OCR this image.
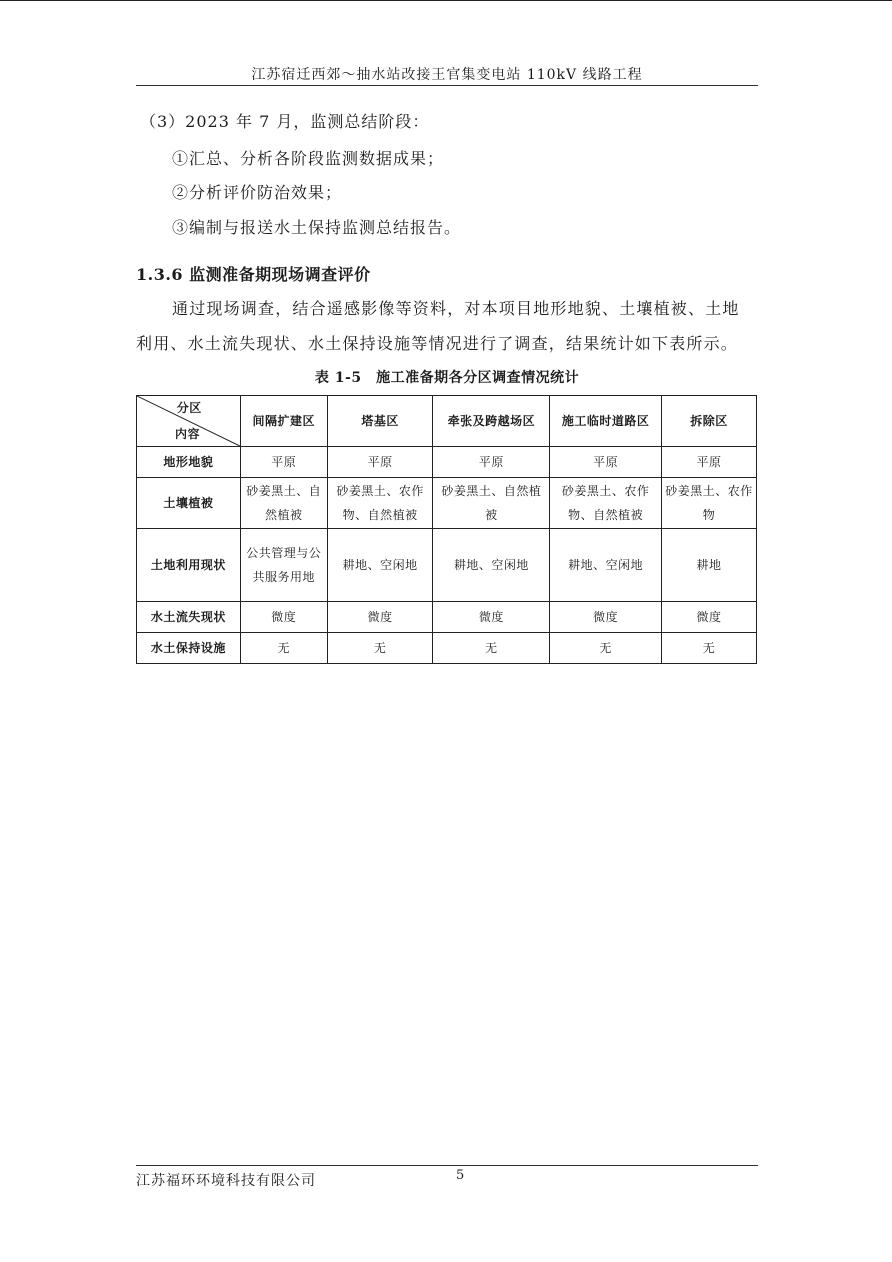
江苏宿迁西郊～抽水站改接王官集变电站 110kV 线路工程
（3）2023 年 7 月，监测总结阶段：
①汇总、分析各阶段监测数据成果；
②分析评价防治效果；
③编制与报送水土保持监测总结报告。
1.3.6 监测准备期现场调查评价
通过现场调查，结合遥感影像等资料，对本项目地形地貌、土壤植被、土地
利用、水土流失现状、水土保持设施等情况进行了调查，结果统计如下表所示。
表 1-5　施工准备期各分区调查情况统计
分区
内容	间隔扩建区	塔基区	牵张及跨越场区	施工临时道路区	拆除区
地形地貌	平原	平原	平原	平原	平原
土壤植被	砂姜黑土、自然植被	砂姜黑土、农作物、自然植被	砂姜黑土、自然植被	砂姜黑土、农作物、自然植被	砂姜黑土、农作物
土地利用现状	公共管理与公共服务用地	耕地、空闲地	耕地、空闲地	耕地、空闲地	耕地
水土流失现状	微度	微度	微度	微度	微度
水土保持设施	无	无	无	无	无
江苏福环环境科技有限公司	5
